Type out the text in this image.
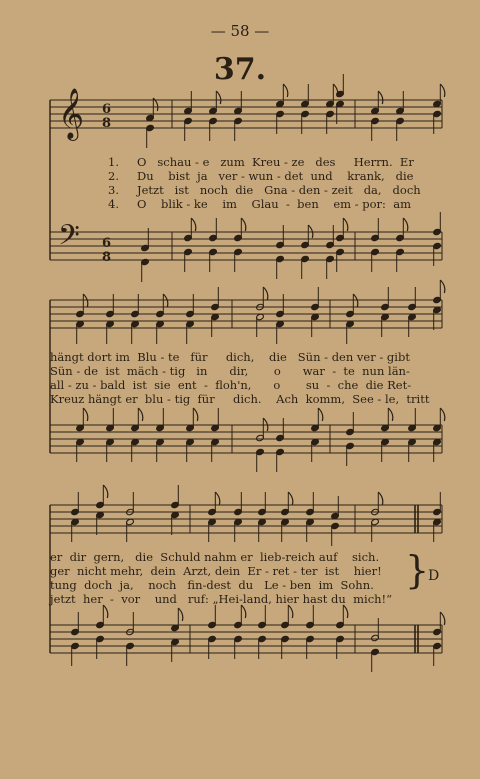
— 58 —
37.
𝄞
𝄢
6
8
6
8
1.
2.
3.
4.
O   schau - e   zum  Kreu - ze   des     Herrn.  Er
Du    bist  ja   ver - wun - det  und    krank,   die
Jetzt   ist   noch  die   Gna - den - zeit   da,   doch
O    blik - ke    im    Glau  -  ben    em - por:  am
hängt dort im  Blu - te   für     dich,    die   Sün - den ver - gibt
Sün - de  ist  mäch - tig   in      dir,       o      war  -  te  nun län-
all - zu - bald  ist  sie  ent  -  floh'n,      o       su  -  che  die Ret-
Kreuz hängt er  blu - tig  für     dich.    Ach  komm,  See - le,  tritt
er  dir  gern,   die  Schuld nahm er  lieb-reich auf    sich.
ger  nicht mehr,  dein  Arzt, dein  Er - ret - ter  ist    hier!
tung  doch  ja,    noch   fin-dest  du   Le - ben  im  Sohn.
jetzt  her  -  vor    und   ruf: „Hei-land, hier hast du  mich!“
}
D
